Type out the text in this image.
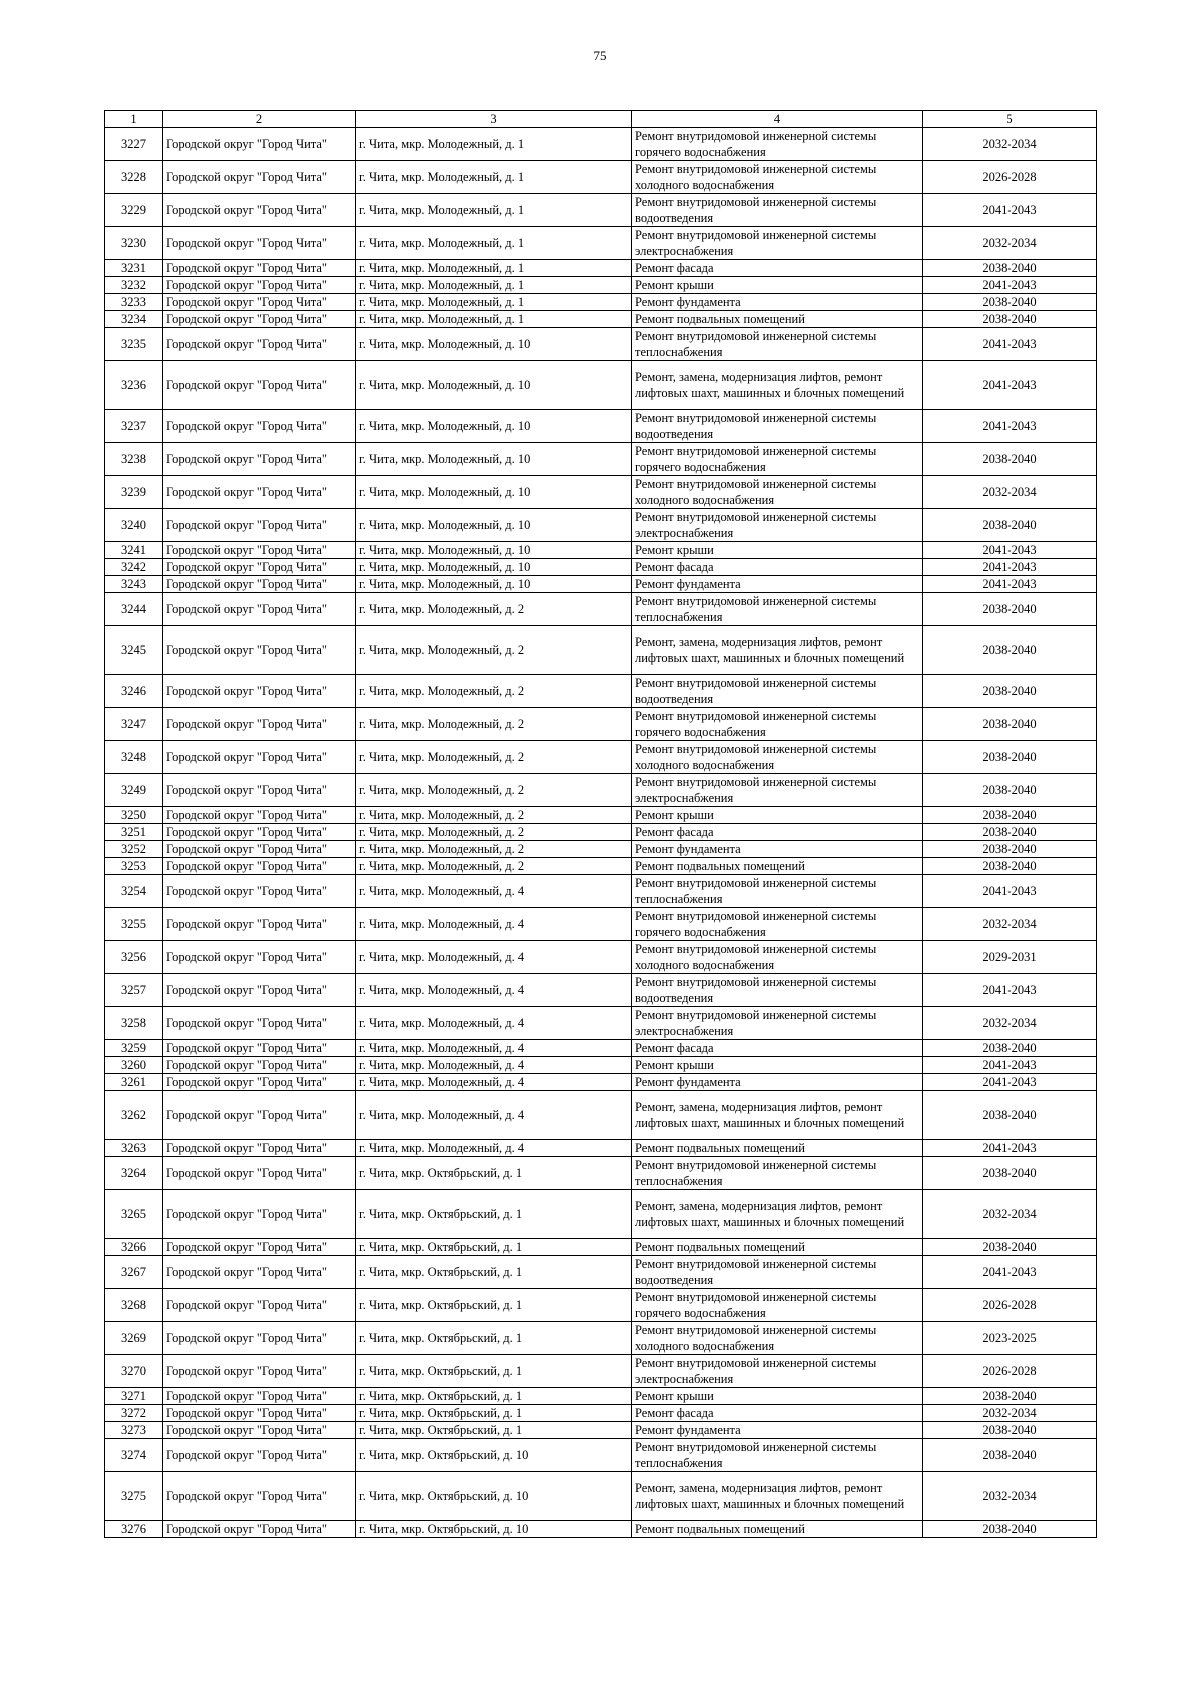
75
1	2	3	4	5
3227	Городской округ "Город Чита"	г. Чита, мкр. Молодежный, д. 1	Ремонт внутридомовой инженерной системы горячего водоснабжения	2032-2034
3228	Городской округ "Город Чита"	г. Чита, мкр. Молодежный, д. 1	Ремонт внутридомовой инженерной системы холодного водоснабжения	2026-2028
3229	Городской округ "Город Чита"	г. Чита, мкр. Молодежный, д. 1	Ремонт внутридомовой инженерной системы водоотведения	2041-2043
3230	Городской округ "Город Чита"	г. Чита, мкр. Молодежный, д. 1	Ремонт внутридомовой инженерной системы электроснабжения	2032-2034
3231	Городской округ "Город Чита"	г. Чита, мкр. Молодежный, д. 1	Ремонт фасада	2038-2040
3232	Городской округ "Город Чита"	г. Чита, мкр. Молодежный, д. 1	Ремонт крыши	2041-2043
3233	Городской округ "Город Чита"	г. Чита, мкр. Молодежный, д. 1	Ремонт фундамента	2038-2040
3234	Городской округ "Город Чита"	г. Чита, мкр. Молодежный, д. 1	Ремонт подвальных помещений	2038-2040
3235	Городской округ "Город Чита"	г. Чита, мкр. Молодежный, д. 10	Ремонт внутридомовой инженерной системы теплоснабжения	2041-2043
3236	Городской округ "Город Чита"	г. Чита, мкр. Молодежный, д. 10	Ремонт, замена, модернизация лифтов, ремонт лифтовых шахт, машинных и блочных помещений	2041-2043
3237	Городской округ "Город Чита"	г. Чита, мкр. Молодежный, д. 10	Ремонт внутридомовой инженерной системы водоотведения	2041-2043
3238	Городской округ "Город Чита"	г. Чита, мкр. Молодежный, д. 10	Ремонт внутридомовой инженерной системы горячего водоснабжения	2038-2040
3239	Городской округ "Город Чита"	г. Чита, мкр. Молодежный, д. 10	Ремонт внутридомовой инженерной системы холодного водоснабжения	2032-2034
3240	Городской округ "Город Чита"	г. Чита, мкр. Молодежный, д. 10	Ремонт внутридомовой инженерной системы электроснабжения	2038-2040
3241	Городской округ "Город Чита"	г. Чита, мкр. Молодежный, д. 10	Ремонт крыши	2041-2043
3242	Городской округ "Город Чита"	г. Чита, мкр. Молодежный, д. 10	Ремонт фасада	2041-2043
3243	Городской округ "Город Чита"	г. Чита, мкр. Молодежный, д. 10	Ремонт фундамента	2041-2043
3244	Городской округ "Город Чита"	г. Чита, мкр. Молодежный, д. 2	Ремонт внутридомовой инженерной системы теплоснабжения	2038-2040
3245	Городской округ "Город Чита"	г. Чита, мкр. Молодежный, д. 2	Ремонт, замена, модернизация лифтов, ремонт лифтовых шахт, машинных и блочных помещений	2038-2040
3246	Городской округ "Город Чита"	г. Чита, мкр. Молодежный, д. 2	Ремонт внутридомовой инженерной системы водоотведения	2038-2040
3247	Городской округ "Город Чита"	г. Чита, мкр. Молодежный, д. 2	Ремонт внутридомовой инженерной системы горячего водоснабжения	2038-2040
3248	Городской округ "Город Чита"	г. Чита, мкр. Молодежный, д. 2	Ремонт внутридомовой инженерной системы холодного водоснабжения	2038-2040
3249	Городской округ "Город Чита"	г. Чита, мкр. Молодежный, д. 2	Ремонт внутридомовой инженерной системы электроснабжения	2038-2040
3250	Городской округ "Город Чита"	г. Чита, мкр. Молодежный, д. 2	Ремонт крыши	2038-2040
3251	Городской округ "Город Чита"	г. Чита, мкр. Молодежный, д. 2	Ремонт фасада	2038-2040
3252	Городской округ "Город Чита"	г. Чита, мкр. Молодежный, д. 2	Ремонт фундамента	2038-2040
3253	Городской округ "Город Чита"	г. Чита, мкр. Молодежный, д. 2	Ремонт подвальных помещений	2038-2040
3254	Городской округ "Город Чита"	г. Чита, мкр. Молодежный, д. 4	Ремонт внутридомовой инженерной системы теплоснабжения	2041-2043
3255	Городской округ "Город Чита"	г. Чита, мкр. Молодежный, д. 4	Ремонт внутридомовой инженерной системы горячего водоснабжения	2032-2034
3256	Городской округ "Город Чита"	г. Чита, мкр. Молодежный, д. 4	Ремонт внутридомовой инженерной системы холодного водоснабжения	2029-2031
3257	Городской округ "Город Чита"	г. Чита, мкр. Молодежный, д. 4	Ремонт внутридомовой инженерной системы водоотведения	2041-2043
3258	Городской округ "Город Чита"	г. Чита, мкр. Молодежный, д. 4	Ремонт внутридомовой инженерной системы электроснабжения	2032-2034
3259	Городской округ "Город Чита"	г. Чита, мкр. Молодежный, д. 4	Ремонт фасада	2038-2040
3260	Городской округ "Город Чита"	г. Чита, мкр. Молодежный, д. 4	Ремонт крыши	2041-2043
3261	Городской округ "Город Чита"	г. Чита, мкр. Молодежный, д. 4	Ремонт фундамента	2041-2043
3262	Городской округ "Город Чита"	г. Чита, мкр. Молодежный, д. 4	Ремонт, замена, модернизация лифтов, ремонт лифтовых шахт, машинных и блочных помещений	2038-2040
3263	Городской округ "Город Чита"	г. Чита, мкр. Молодежный, д. 4	Ремонт подвальных помещений	2041-2043
3264	Городской округ "Город Чита"	г. Чита, мкр. Октябрьский, д. 1	Ремонт внутридомовой инженерной системы теплоснабжения	2038-2040
3265	Городской округ "Город Чита"	г. Чита, мкр. Октябрьский, д. 1	Ремонт, замена, модернизация лифтов, ремонт лифтовых шахт, машинных и блочных помещений	2032-2034
3266	Городской округ "Город Чита"	г. Чита, мкр. Октябрьский, д. 1	Ремонт подвальных помещений	2038-2040
3267	Городской округ "Город Чита"	г. Чита, мкр. Октябрьский, д. 1	Ремонт внутридомовой инженерной системы водоотведения	2041-2043
3268	Городской округ "Город Чита"	г. Чита, мкр. Октябрьский, д. 1	Ремонт внутридомовой инженерной системы горячего водоснабжения	2026-2028
3269	Городской округ "Город Чита"	г. Чита, мкр. Октябрьский, д. 1	Ремонт внутридомовой инженерной системы холодного водоснабжения	2023-2025
3270	Городской округ "Город Чита"	г. Чита, мкр. Октябрьский, д. 1	Ремонт внутридомовой инженерной системы электроснабжения	2026-2028
3271	Городской округ "Город Чита"	г. Чита, мкр. Октябрьский, д. 1	Ремонт крыши	2038-2040
3272	Городской округ "Город Чита"	г. Чита, мкр. Октябрьский, д. 1	Ремонт фасада	2032-2034
3273	Городской округ "Город Чита"	г. Чита, мкр. Октябрьский, д. 1	Ремонт фундамента	2038-2040
3274	Городской округ "Город Чита"	г. Чита, мкр. Октябрьский, д. 10	Ремонт внутридомовой инженерной системы теплоснабжения	2038-2040
3275	Городской округ "Город Чита"	г. Чита, мкр. Октябрьский, д. 10	Ремонт, замена, модернизация лифтов, ремонт лифтовых шахт, машинных и блочных помещений	2032-2034
3276	Городской округ "Город Чита"	г. Чита, мкр. Октябрьский, д. 10	Ремонт подвальных помещений	2038-2040
